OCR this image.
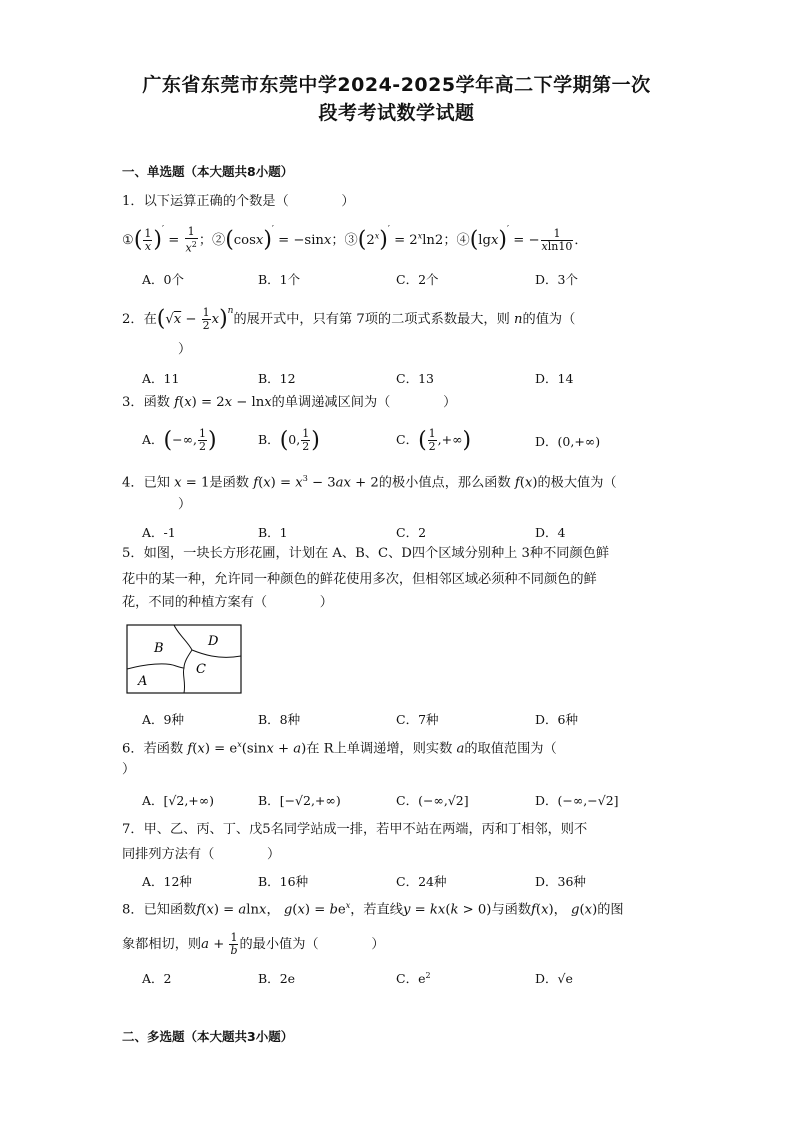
广东省东莞市东莞中学2024-2025学年高二下学期第一次
段考考试数学试题
一、单选题（本大题共8小题）
1．以下运算正确的个数是（　　　　）
①( $\frac{1}{x} )' = \frac{1}{x^2}$ ；②(cosx)′ = −sinx；$③(2^x)' = 2^x\ln 2$；④(lgx)′ = − $\frac{1}{xln10}$ ．
A．0个	B．1个	C．2个	D．3个
2．在$(√x - \frac{1}{2} x)^n$的展开式中，只有第 7项的二项式系数最大，则 n的值为（
）
A．11	B．12	C．13	D．14
3．函数 f(x) = 2x − lnx的单调递减区间为（　　　　）
A．(−∞, $\frac{1}{2}$ )	B．(0, $\frac{1}{2}$ )	C．( $\frac{1}{2}$ ,+∞)	D．(0,+∞)
4．已知 x = 1是函数 $f(x) = x^3 - 3ax + 2$的极小值点，那么函数 f(x)的极大值为（
）
A．-1	B．1	C．2	D．4
5．如图，一块长方形花圃，计划在 A、B、C、D四个区域分别种上 3种不同颜色鲜
花中的某一种，允许同一种颜色的鲜花使用多次，但相邻区域必须种不同颜色的鲜
花，不同的种植方案有（　　　　）
B	D
C
A
A．9种	B．8种	C．7种	D．6种
6．若函数 $f(x) = e^x(\sin x + a)$在 R上单调递增，则实数 a的取值范围为（
）
A．[√2,+∞)	B．[−√2,+∞)	C．(−∞,√2]	D．(−∞,−√2]
7．甲、乙、丙、丁、戊5名同学站成一排，若甲不站在两端，丙和丁相邻，则不
同排列方法有（　　　　）
A．12种	B．16种	C．24种	D．36种
8．已知函数f(x) = alnx， $g(x) = be^x$，若直线y = kx(k > 0)与函数f(x)， g(x)的图
象都相切，则$a + \frac{1}{b}$ 的最小值为（　　　　）
A．2	B．2e	C．$e^2$	D．√e
二、多选题（本大题共3小题）
